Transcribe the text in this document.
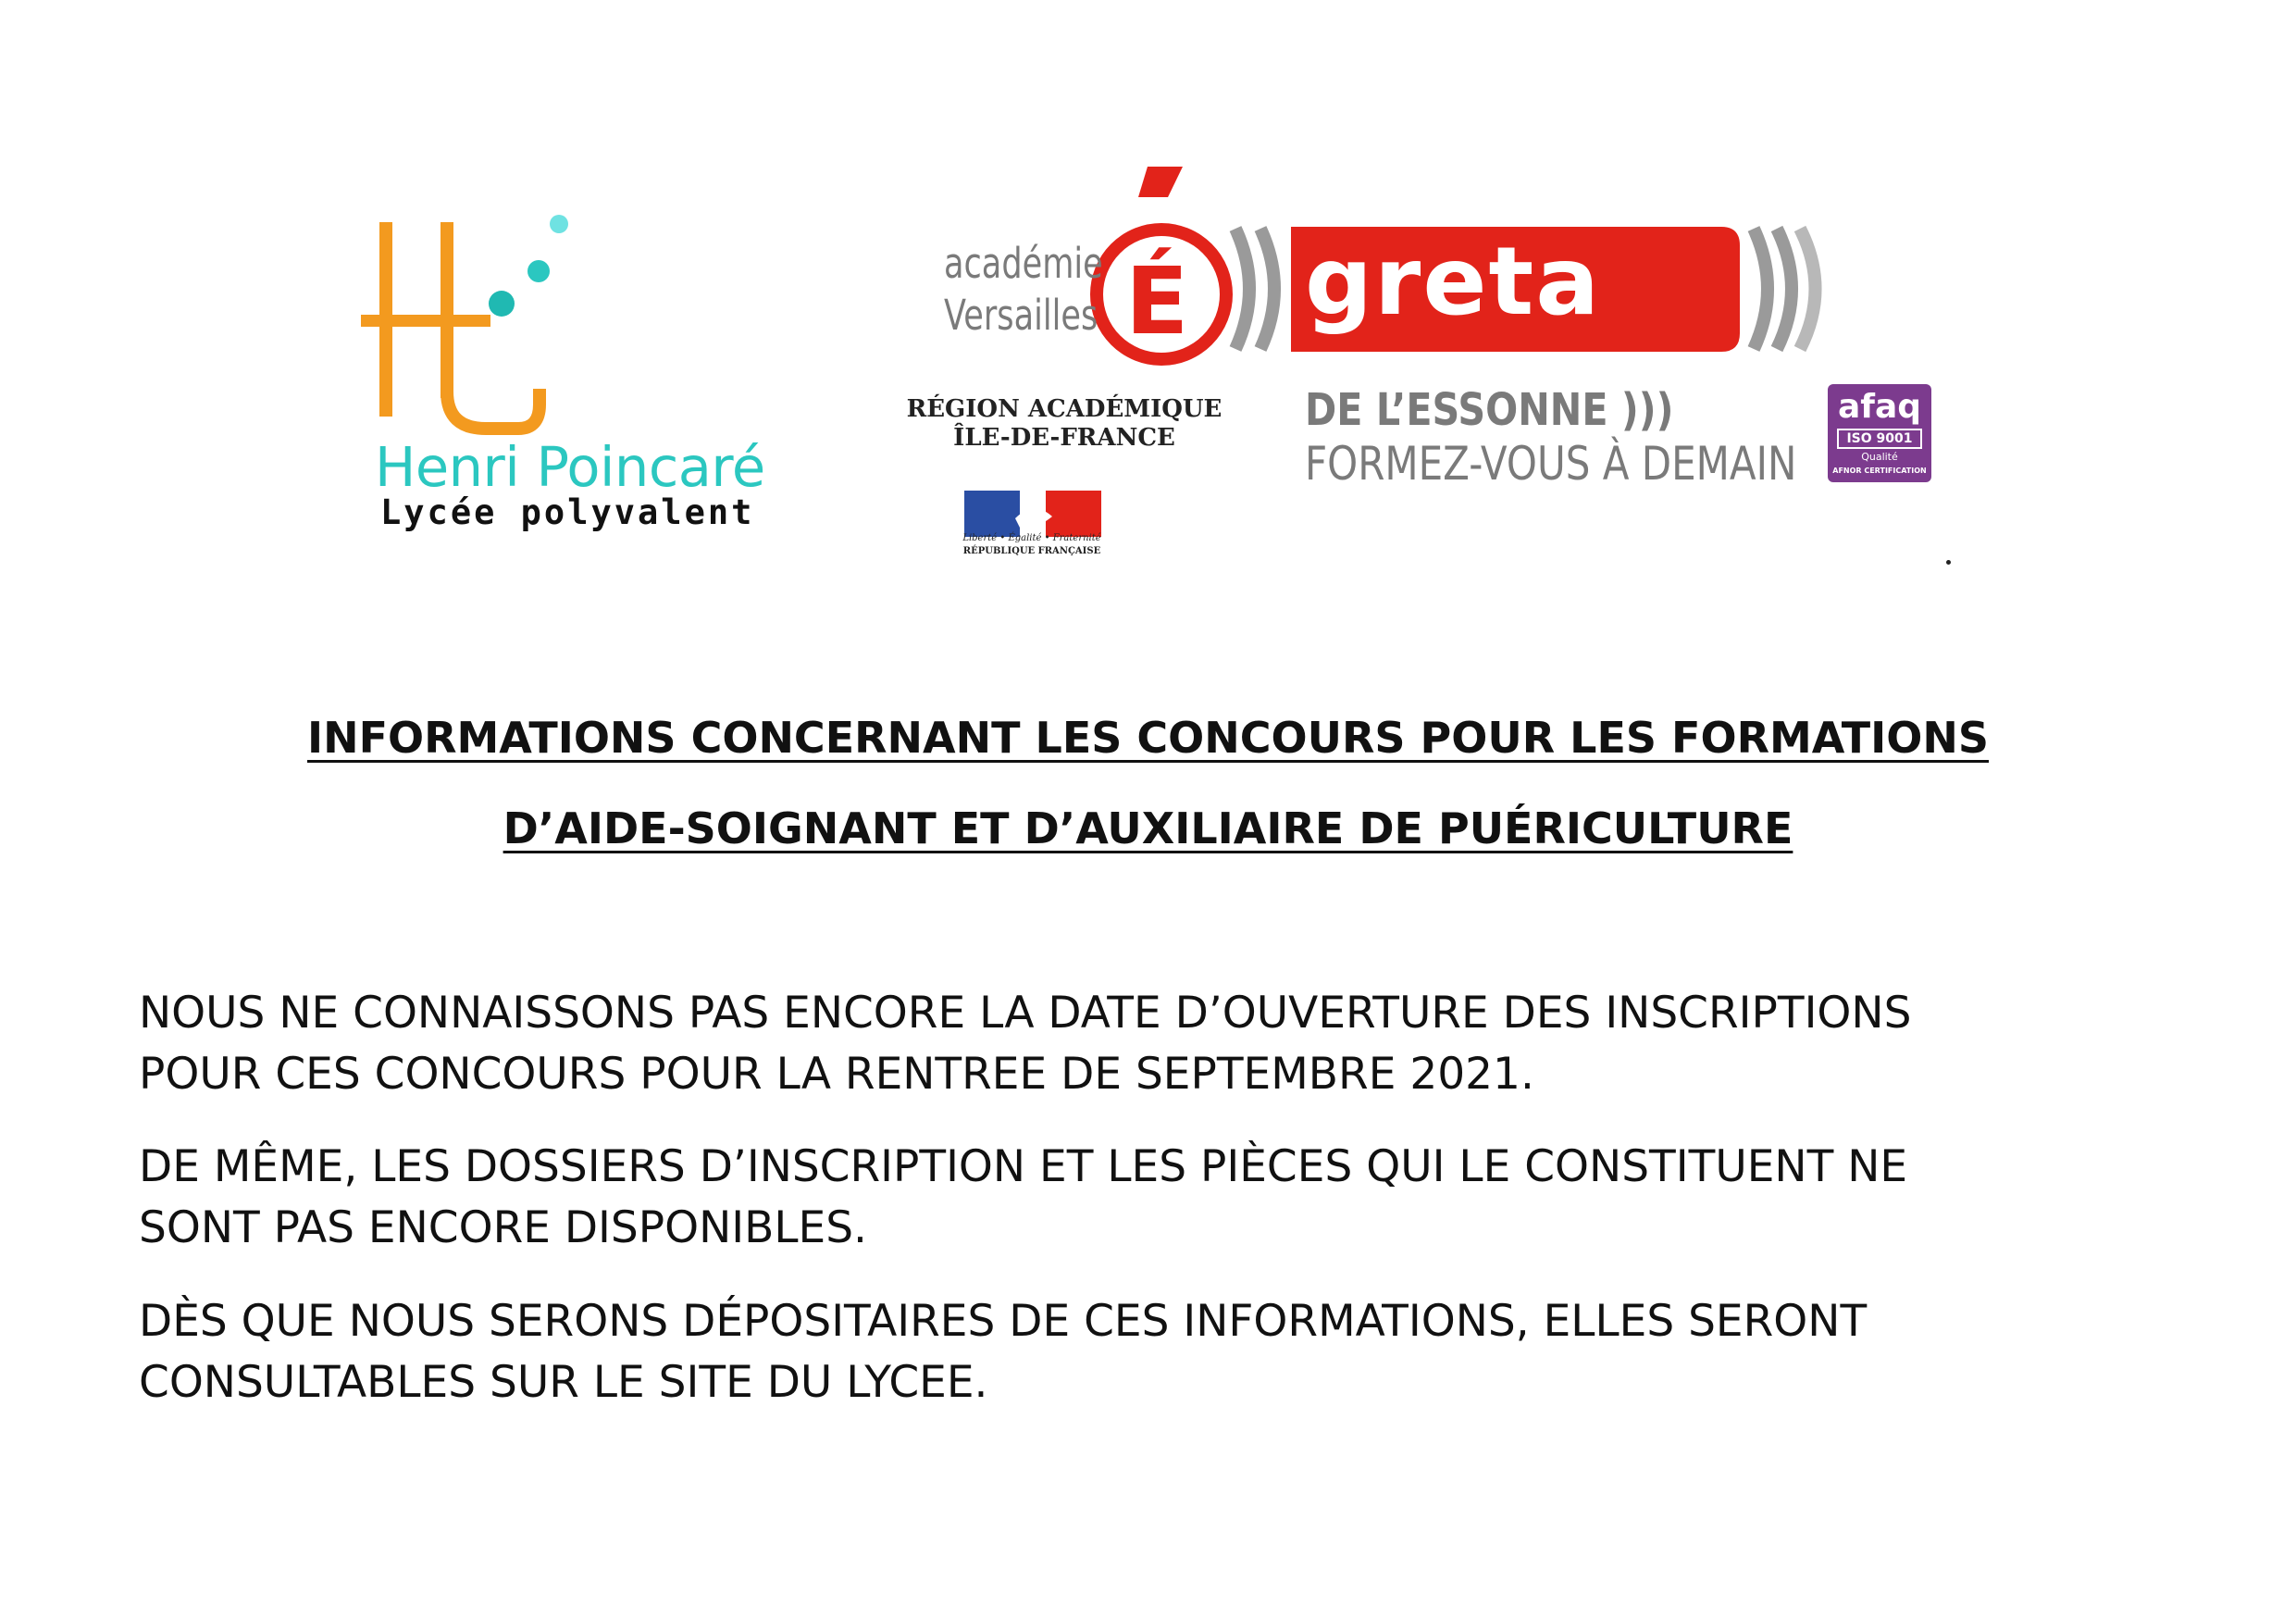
Henri Poincaré
Lycée polyvalent
académie
Versailles É greta
RÉGION ACADÉMIQUE
ÎLE-DE-FRANCE
Liberté • Égalité • Fraternité
RÉPUBLIQUE FRANÇAISE
DE L’ESSONNE )))
FORMEZ-VOUS À DEMAIN
afaq
ISO 9001
Qualité
AFNOR CERTIFICATION
INFORMATIONS CONCERNANT LES CONCOURS POUR LES FORMATIONS
D’AIDE-SOIGNANT ET D’AUXILIAIRE DE PUÉRICULTURE
NOUS NE CONNAISSONS PAS ENCORE LA DATE D’OUVERTURE DES INSCRIPTIONS
POUR CES CONCOURS POUR LA RENTREE DE SEPTEMBRE 2021.
DE MÊME, LES DOSSIERS D’INSCRIPTION ET LES PIÈCES QUI LE CONSTITUENT NE
SONT PAS ENCORE DISPONIBLES.
DÈS QUE NOUS SERONS DÉPOSITAIRES DE CES INFORMATIONS, ELLES SERONT
CONSULTABLES SUR LE SITE DU LYCEE.
